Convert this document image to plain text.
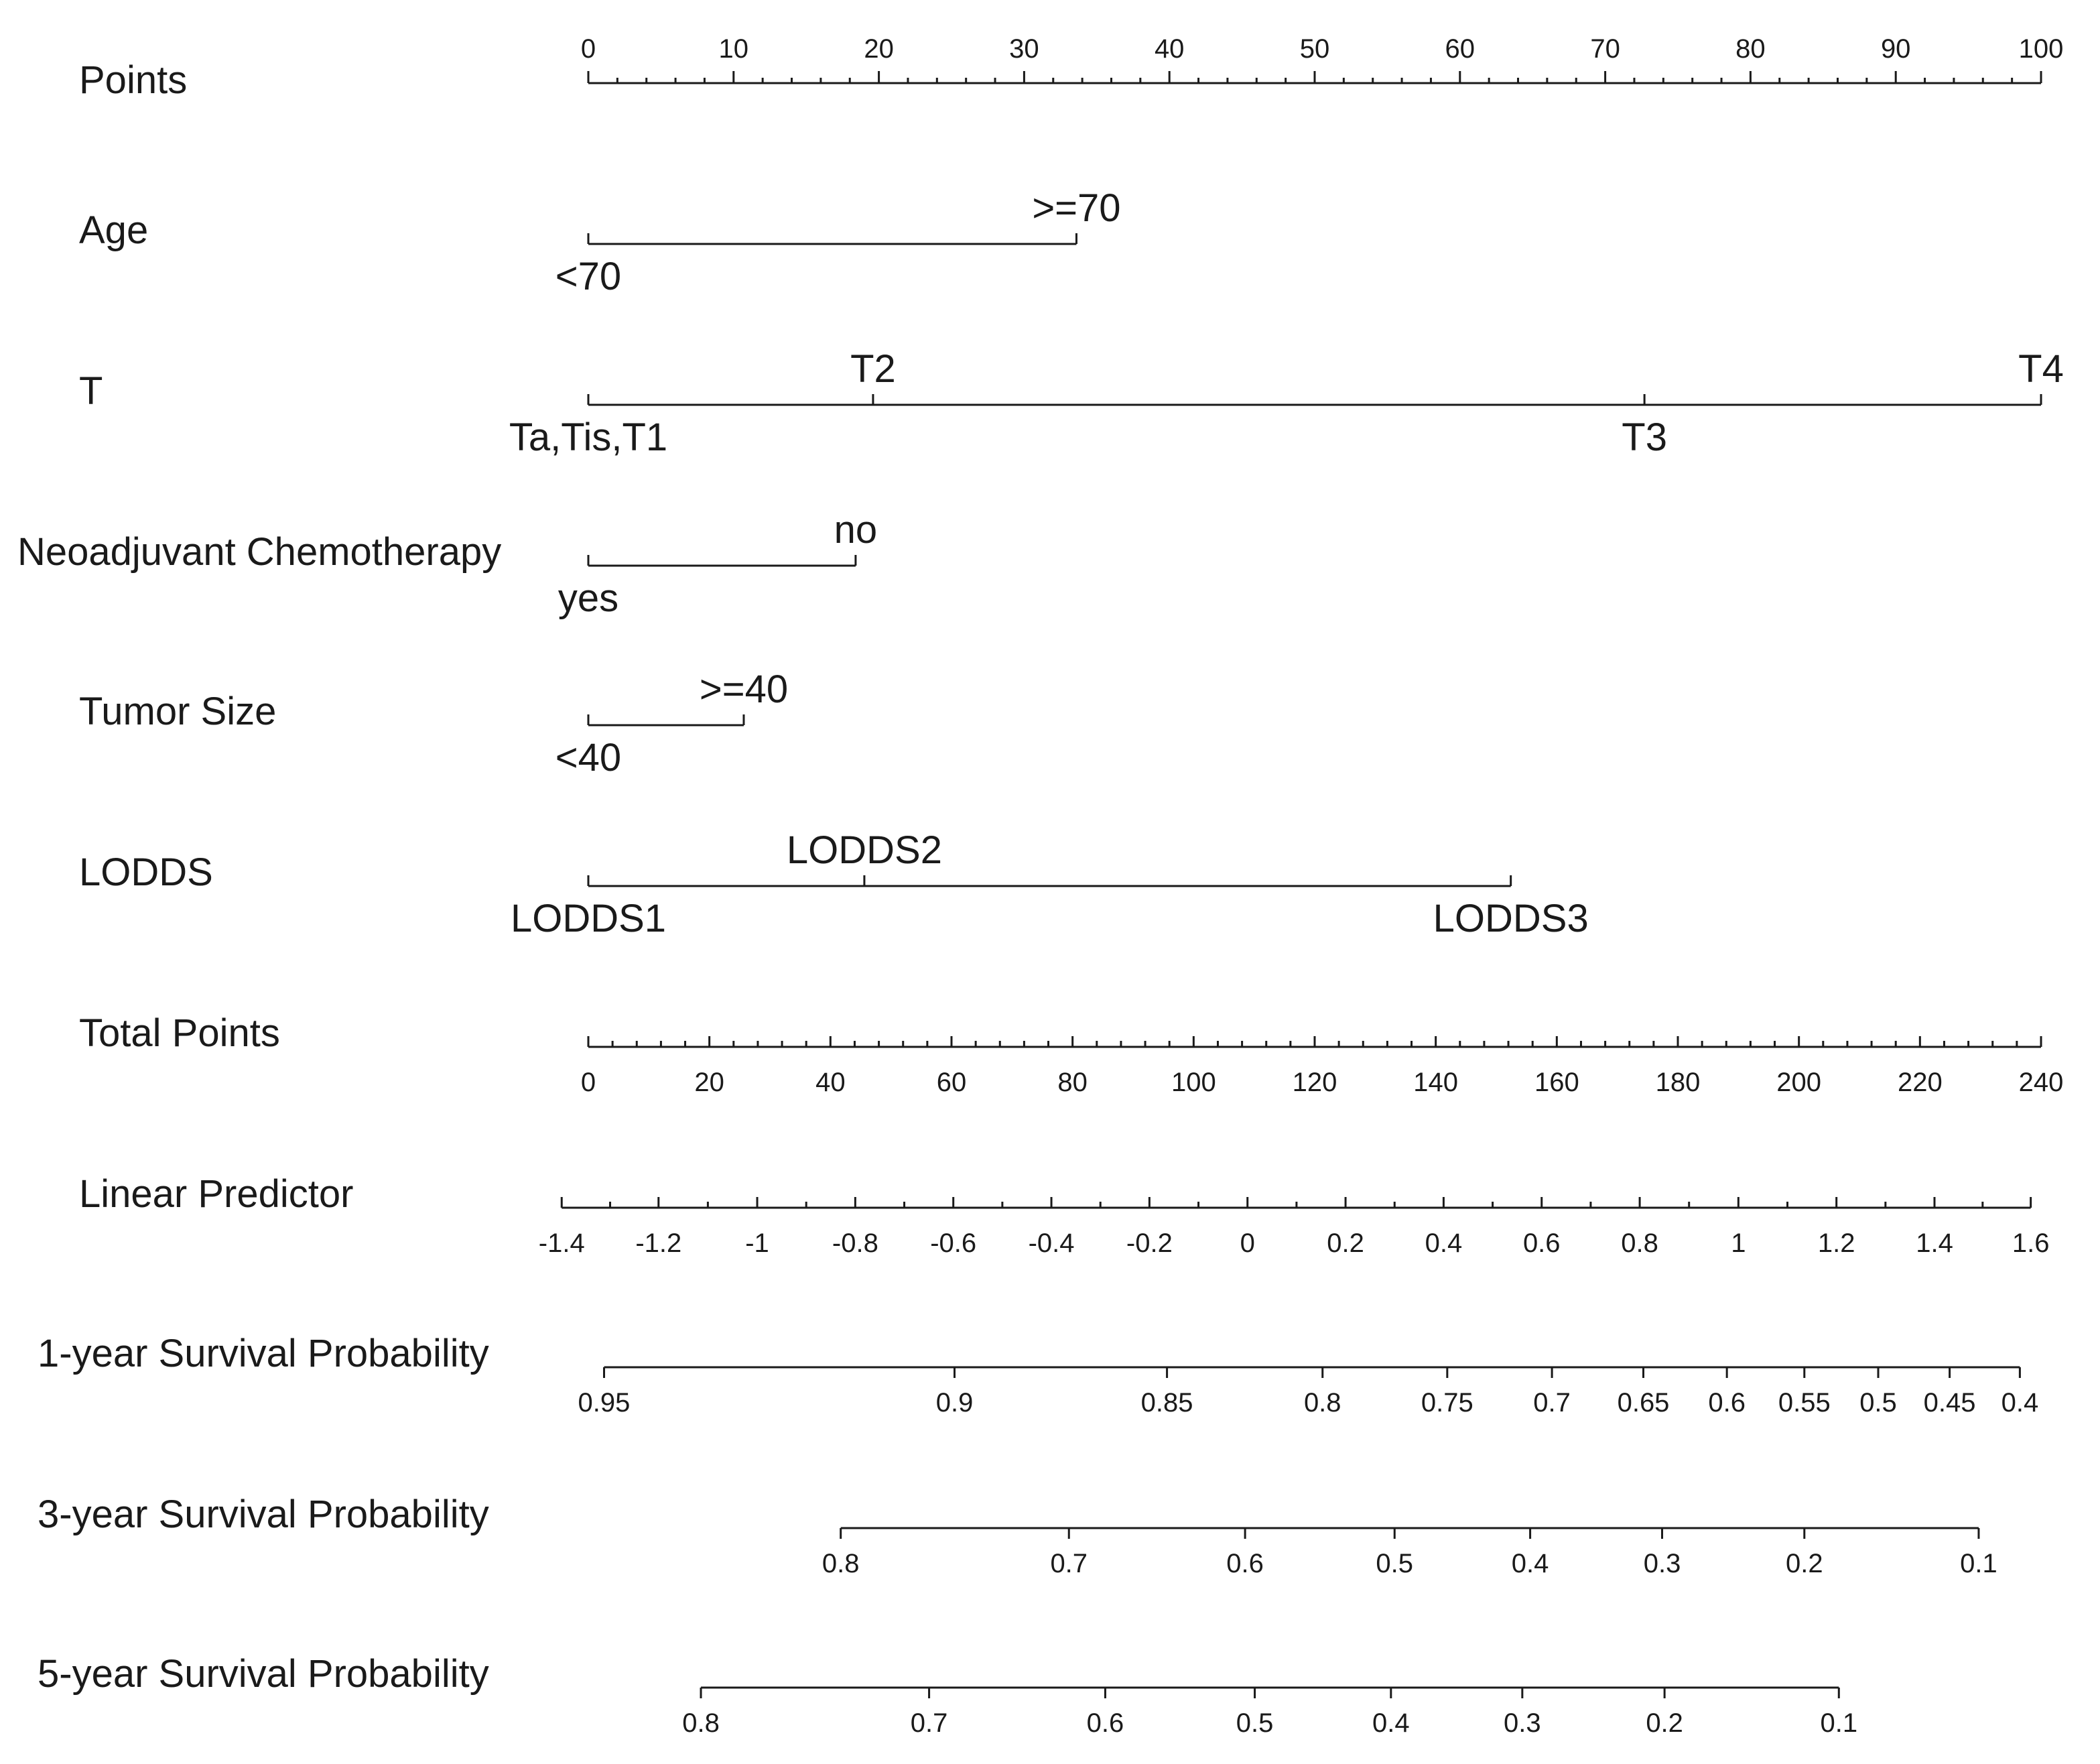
0	10	20	30	40	50	60	70	80	90	100
Points
<70
>=70
Age
Ta,Tis,T1
T2
T3
T4
T
yes
no
Neoadjuvant Chemotherapy
<40
>=40
Tumor Size
LODDS1
LODDS2
LODDS3
LODDS
0	20	40	60	80	100	120	140	160	180	200	220	240
Total Points
-1.4 -1.2 -1 -0.8 -0.6 -0.4 -0.2	0	0.2 0.4 0.6 0.8	1	1.2 1.4 1.6
Linear Predictor
0.95	0.9	0.85	0.8	0.75 0.7 0.65 0.6 0.55 0.5 0.45 0.4
1-year Survival Probability
0.8	0.7	0.6	0.5	0.4	0.3	0.2	0.1
3-year Survival Probability
0.8	0.7	0.6	0.5	0.4	0.3	0.2	0.1
5-year Survival Probability
